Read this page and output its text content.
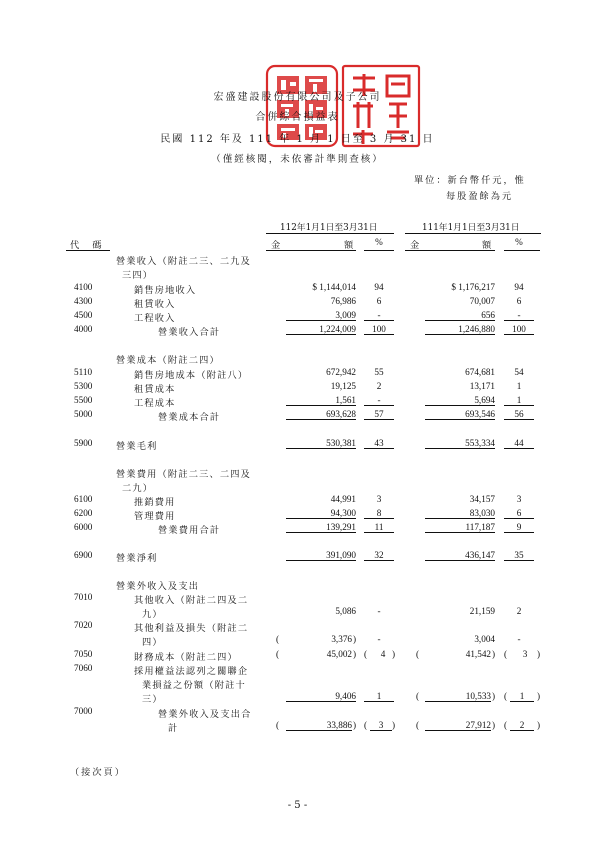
宏盛建設股份有限公司及子公司
合併綜合損益表
民國 112 年及 111 年 1 月 1 日至 3 月 31 日
（僅經核閱，未依審計準則查核）
單位：新台幣仟元，惟
每股盈餘為元
112年1月1日至3月31日	111年1月1日至3月31日
代　碼	金	額	%	金	額	%
營業收入（附註二三、二九及
三四）
4100	銷售房地收入	$ 1,144,014	94	$ 1,176,217	94
4300	租賃收入	76,986	6	70,007	6
4500	工程收入	3,009	-	656	-
4000	營業收入合計	1,224,009	100	1,246,880	100
營業成本（附註二四）
5110	銷售房地成本（附註八）	672,942	55	674,681	54
5300	租賃成本	19,125	2	13,171	1
5500	工程成本	1,561	-	5,694	1
5000	營業成本合計	693,628	57	693,546	56
5900	營業毛利	530,381	43	553,334	44
營業費用（附註二三、二四及
二九）
6100	推銷費用	44,991	3	34,157	3
6200	管理費用	94,300	8	83,030	6
6000	營業費用合計	139,291	11	117,187	9
6900	營業淨利	391,090	32	436,147	35
營業外收入及支出
7010	其他收入（附註二四及二
九）	5,086	-	21,159	2
7020	其他利益及損失（附註二
四）	(	3,376 )	-	3,004	-
7050	財務成本（附註二四）	(	45,002 ) (	4 ) (	41,542 ) (	3	)
7060	採用權益法認列之關聯企
業損益之份額（附註十
三）	9,406	1	(	10,533 ) (	1	)
7000	營業外收入及支出合
計	(	33,886 ) (	3 ) (	27,912 ) (	2	)
（接次頁）
- 5 -
